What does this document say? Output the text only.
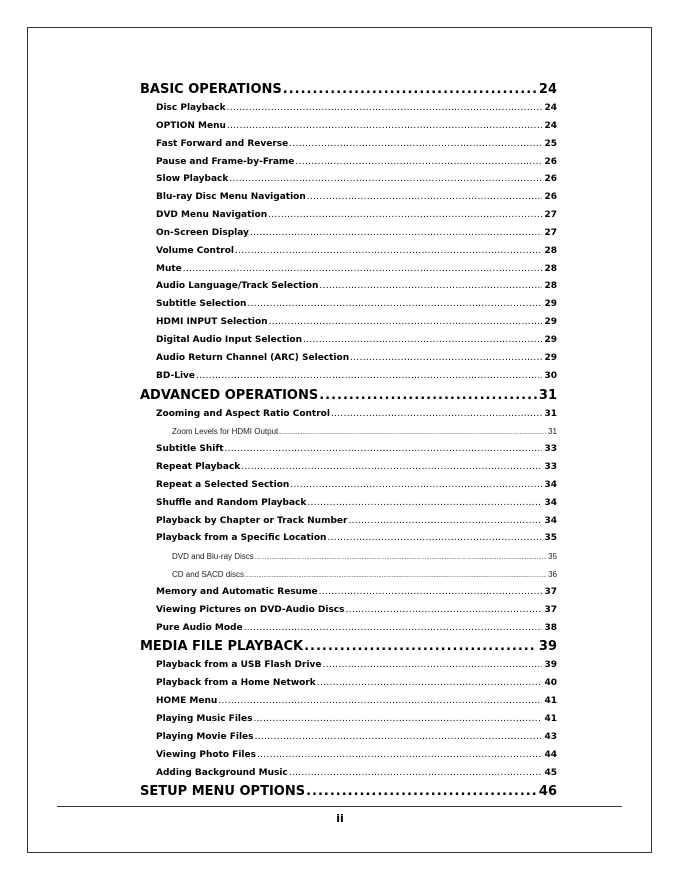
BASIC OPERATIONS .....	24
Disc Playback .....	24
OPTION Menu .....	24
Fast Forward and Reverse .....	25
Pause and Frame-by-Frame .....	26
Slow Playback .....	26
Blu-ray Disc Menu Navigation .....	26
DVD Menu Navigation .....	27
On-Screen Display .....	27
Volume Control .....	28
Mute .....	28
Audio Language/Track Selection .....	28
Subtitle Selection .....	29
HDMI INPUT Selection .....	29
Digital Audio Input Selection .....	29
Audio Return Channel (ARC) Selection .....	29
BD-Live .....	30
ADVANCED OPERATIONS .....	31
Zooming and Aspect Ratio Control .....	31
Zoom Levels for HDMI Output .....	31
Subtitle Shift .....	33
Repeat Playback .....	33
Repeat a Selected Section .....	34
Shuffle and Random Playback .....	34
Playback by Chapter or Track Number .....	34
Playback from a Specific Location .....	35
DVD and Blu-ray Discs .....	35
CD and SACD discs .....	36
Memory and Automatic Resume .....	37
Viewing Pictures on DVD-Audio Discs .....	37
Pure Audio Mode .....	38
MEDIA FILE PLAYBACK .....	39
Playback from a USB Flash Drive .....	39
Playback from a Home Network .....	40
HOME Menu .....	41
Playing Music Files .....	41
Playing Movie Files .....	43
Viewing Photo Files .....	44
Adding Background Music .....	45
SETUP MENU OPTIONS .....	46
ii
